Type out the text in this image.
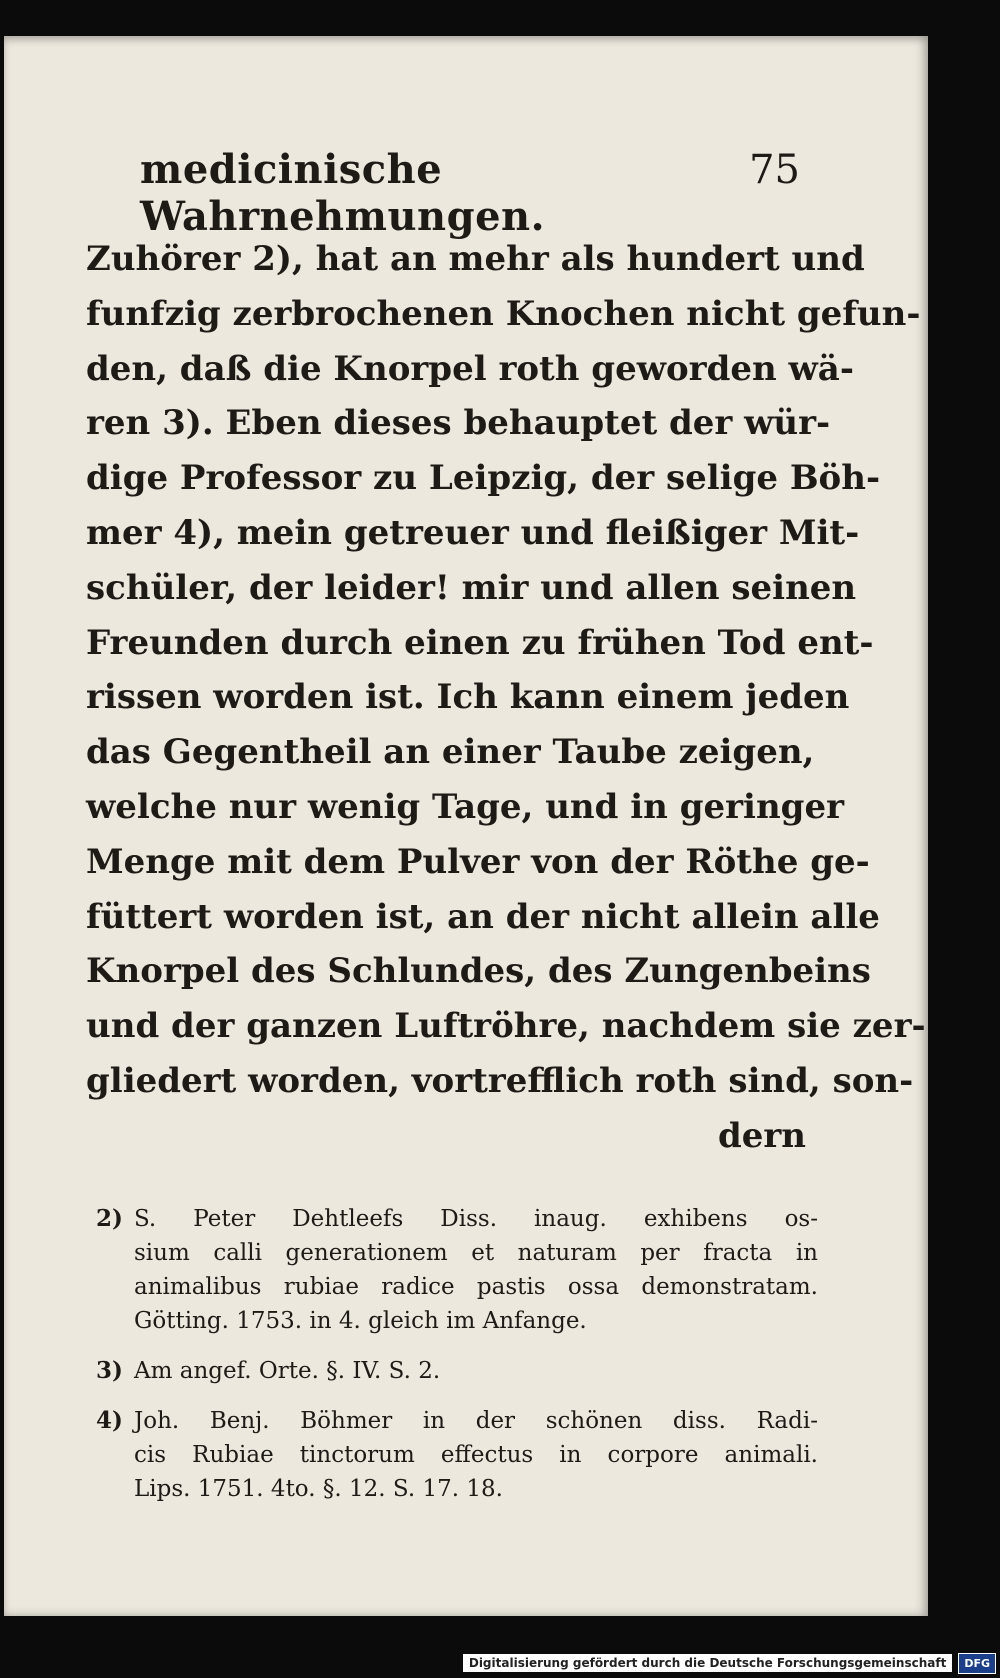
medicinische Wahrnehmungen.
75
Zuhörer 2), hat an mehr als hundert und
funfzig zerbrochenen Knochen nicht gefun-
den, daß die Knorpel roth geworden wä-
ren 3). Eben dieses behauptet der wür-
dige Professor zu Leipzig, der selige Böh-
mer 4), mein getreuer und fleißiger Mit-
schüler, der leider! mir und allen seinen
Freunden durch einen zu frühen Tod ent-
rissen worden ist. Ich kann einem jeden
das Gegentheil an einer Taube zeigen,
welche nur wenig Tage, und in geringer
Menge mit dem Pulver von der Röthe ge-
füttert worden ist, an der nicht allein alle
Knorpel des Schlundes, des Zungenbeins
und der ganzen Luftröhre, nachdem sie zer-
gliedert worden, vortrefflich roth sind, son-
dern
2) S. Peter Dehtleefs Diss. inaug. exhibens os-
sium calli generationem et naturam per fracta in
animalibus rubiae radice pastis ossa demonstratam.
Götting. 1753. in 4. gleich im Anfange.
3) Am angef. Orte. §. IV. S. 2.
4) Joh. Benj. Böhmer in der schönen diss. Radi-
cis Rubiae tinctorum effectus in corpore animali.
Lips. 1751. 4to. §. 12. S. 17. 18.
Digitalisierung gefördert durch die Deutsche Forschungsgemeinschaft	DFG
